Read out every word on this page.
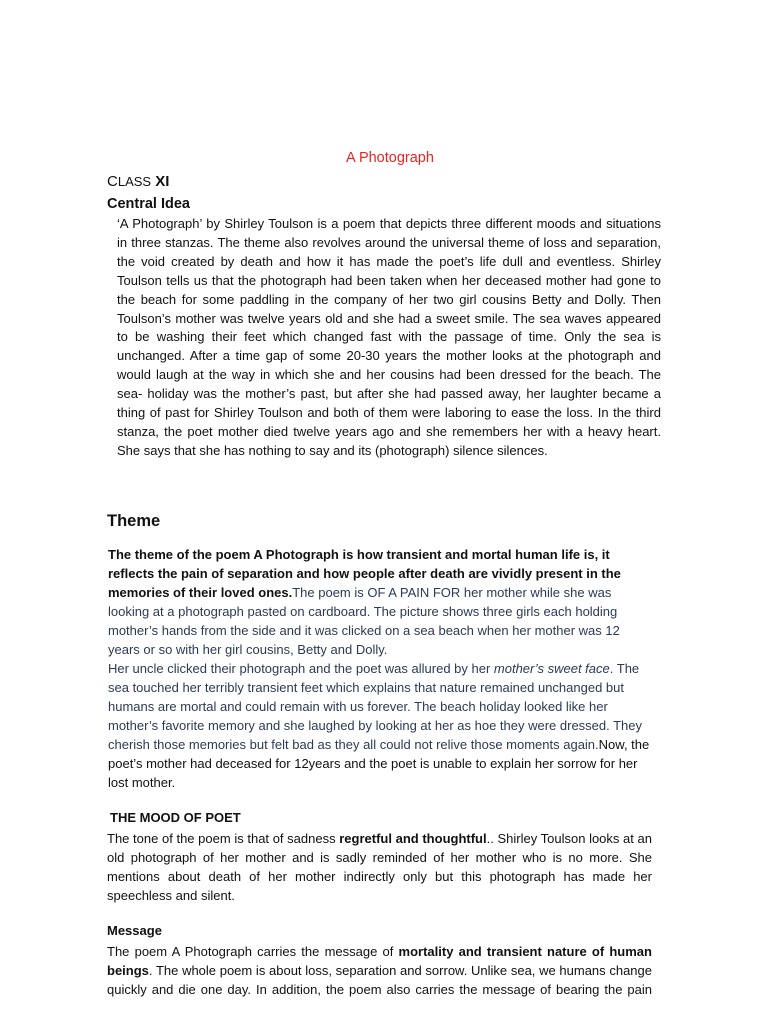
A Photograph
CLASS XI
Central Idea

‘A Photograph’ by Shirley Toulson is a poem that depicts three different moods and situations in three stanzas. The theme also revolves around the universal theme of loss and separation, the void created by death and how it has made the poet’s life dull and eventless. Shirley Toulson tells us that the photograph had been taken when her deceased mother had gone to the beach for some paddling in the company of her two girl cousins Betty and Dolly. Then Toulson’s mother was twelve years old and she had a sweet smile. The sea waves appeared to be washing their feet which changed fast with the passage of time. Only the sea is unchanged. After a time gap of some 20-30 years the mother looks at the photograph and would laugh at the way in which she and her cousins had been dressed for the beach. The sea- holiday was the mother’s past, but after she had passed away, her laughter became a thing of past for Shirley Toulson and both of them were laboring to ease the loss. In the third stanza, the poet mother died twelve years ago and she remembers her with a heavy heart. She says that she has nothing to say and its (photograph) silence silences.

Theme

The theme of the poem A Photograph is how transient and mortal human life is, it reflects the pain of separation and how people after death are vividly present in the memories of their loved ones.The poem is OF A PAIN FOR her mother while she was looking at a photograph pasted on cardboard. The picture shows three girls each holding mother’s hands from the side and it was clicked on a sea beach when her mother was 12 years or so with her girl cousins, Betty and Dolly.
Her uncle clicked their photograph and the poet was allured by her mother’s sweet face. The sea touched her terribly transient feet which explains that nature remained unchanged but humans are mortal and could remain with us forever. The beach holiday looked like her mother’s favorite memory and she laughed by looking at her as hoe they were dressed. They cherish those memories but felt bad as they all could not relive those moments again.Now, the poet’s mother had deceased for 12years and the poet is unable to explain her sorrow for her lost mother.

THE MOOD OF POET

The tone of the poem is that of sadness regretful and thoughtful.. Shirley Toulson looks at an old photograph of her mother and is sadly reminded of her mother who is no more. She mentions about death of her mother indirectly only but this photograph has made her speechless and silent.

Message

The poem A Photograph carries the message of mortality and transient nature of human beings. The whole poem is about loss, separation and sorrow. Unlike sea, we humans change quickly and die one day. In addition, the poem also carries the message of bearing the pain
